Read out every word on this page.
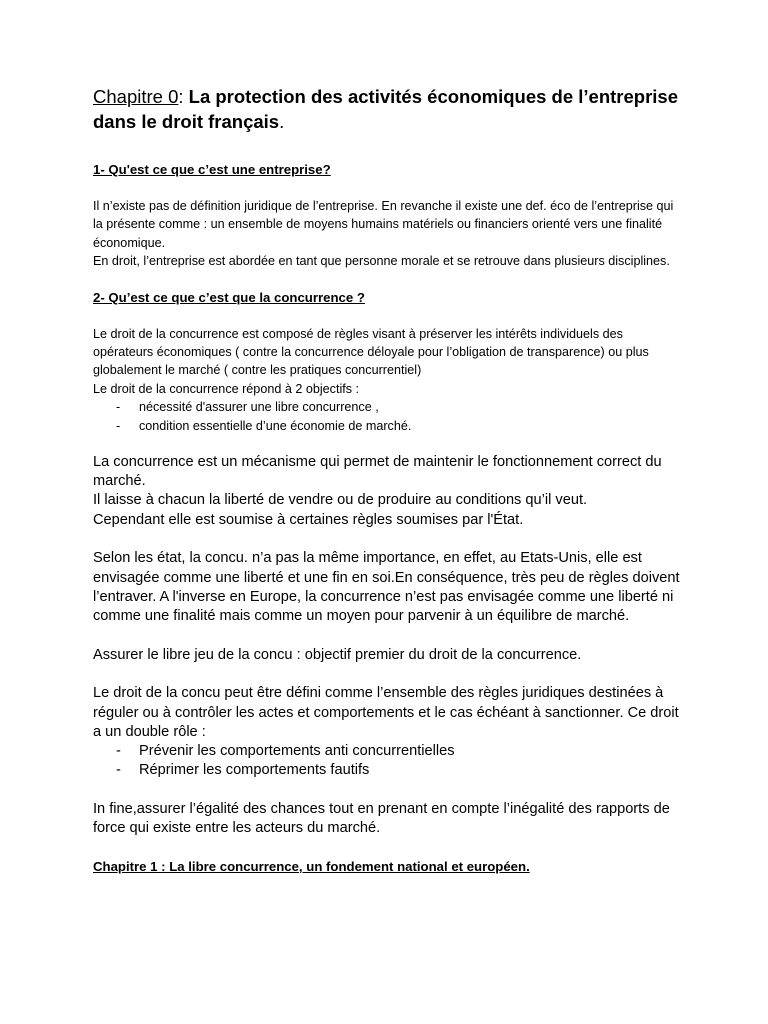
Chapitre 0: La protection des activités économiques de l’entreprise dans le droit français.
1- Qu'est ce que c’est une entreprise?

Il n’existe pas de définition juridique de l’entreprise. En revanche il existe une def. éco de l’entreprise qui la présente comme : un ensemble de moyens humains matériels ou financiers orienté vers une finalité économique.

En droit, l’entreprise est abordée en tant que personne morale et se retrouve dans plusieurs disciplines.

2- Qu’est ce que c’est que la concurrence ?

Le droit de la concurrence est composé de règles visant à préserver les intérêts individuels des opérateurs économiques ( contre la concurrence déloyale pour l’obligation de transparence) ou plus globalement le marché ( contre les pratiques concurrentiel)

Le droit de la concurrence répond à 2 objectifs :

- nécessité d'assurer une libre concurrence ,
- condition essentielle d’une économie de marché.

La concurrence est un mécanisme qui permet de maintenir le fonctionnement correct du marché.

Il laisse à chacun la liberté de vendre ou de produire au conditions qu’il veut.

Cependant elle est soumise à certaines règles soumises par l'État.

Selon les état, la concu. n’a pas la même importance, en effet, au Etats-Unis, elle est envisagée comme une liberté et une fin en soi.En conséquence, très peu de règles doivent l’entraver. A l'inverse en Europe, la concurrence n’est pas envisagée comme une liberté ni comme une finalité mais comme un moyen pour parvenir à un équilibre de marché.

Assurer le libre jeu de la concu : objectif premier du droit de la concurrence.

Le droit de la concu peut être défini comme l’ensemble des règles juridiques destinées à réguler ou à contrôler les actes et comportements et le cas échéant à sanctionner. Ce droit a un double rôle :

- Prévenir les comportements anti concurrentielles
- Réprimer les comportements fautifs

In fine,assurer l’égalité des chances tout en prenant en compte l’inégalité des rapports de force qui existe entre les acteurs du marché.

Chapitre 1 : La libre concurrence, un fondement national et européen.
